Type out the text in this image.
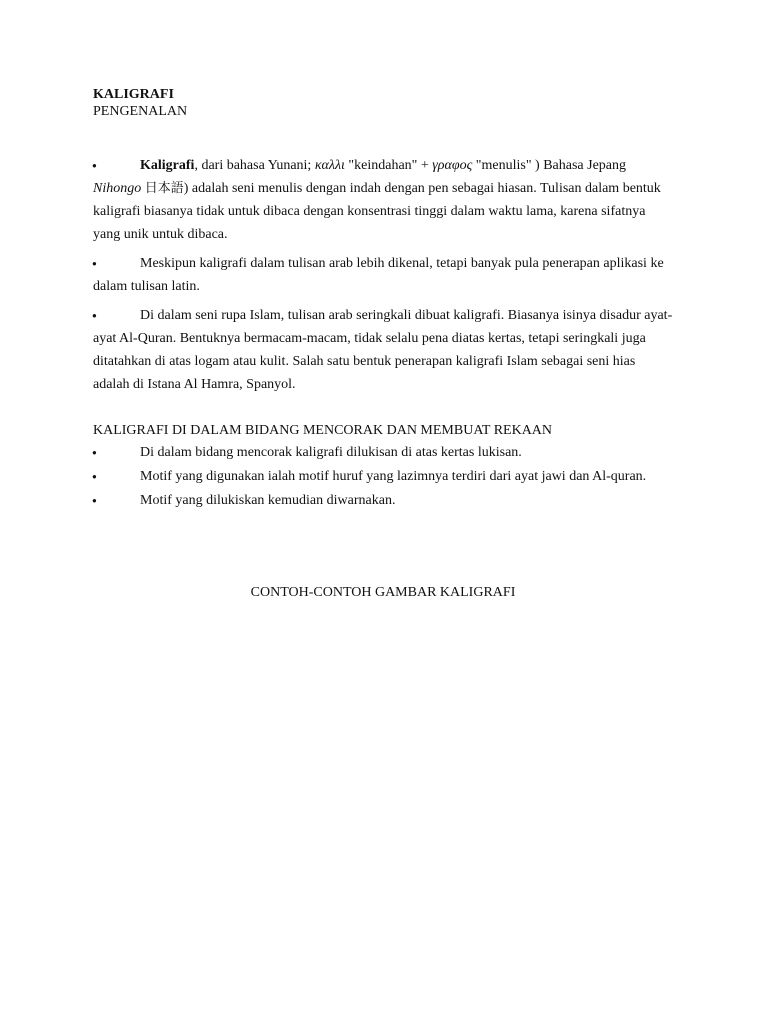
KALIGRAFI

PENGENALAN

●	Kaligrafi, dari bahasa Yunani; καλλι "keindahan" + γραφος "menulis" ) Bahasa Jepang Nihongo 日本語) adalah seni menulis dengan indah dengan pen sebagai hiasan. Tulisan dalam bentuk kaligrafi biasanya tidak untuk dibaca dengan konsentrasi tinggi dalam waktu lama, karena sifatnya yang unik untuk dibaca.

●	Meskipun kaligrafi dalam tulisan arab lebih dikenal, tetapi banyak pula penerapan aplikasi ke dalam tulisan latin.

●	Di dalam seni rupa Islam, tulisan arab seringkali dibuat kaligrafi. Biasanya isinya disadur ayat-ayat Al-Quran. Bentuknya bermacam-macam, tidak selalu pena diatas kertas, tetapi seringkali juga ditatahkan di atas logam atau kulit. Salah satu bentuk penerapan kaligrafi Islam sebagai seni hias adalah di Istana Al Hamra, Spanyol.

KALIGRAFI DI DALAM BIDANG MENCORAK DAN MEMBUAT REKAAN

●	Di dalam bidang mencorak kaligrafi dilukisan di atas kertas lukisan.

●	Motif yang digunakan ialah motif huruf yang lazimnya terdiri dari ayat jawi dan Al-quran.

●	Motif yang dilukiskan kemudian diwarnakan.

CONTOH-CONTOH GAMBAR KALIGRAFI
